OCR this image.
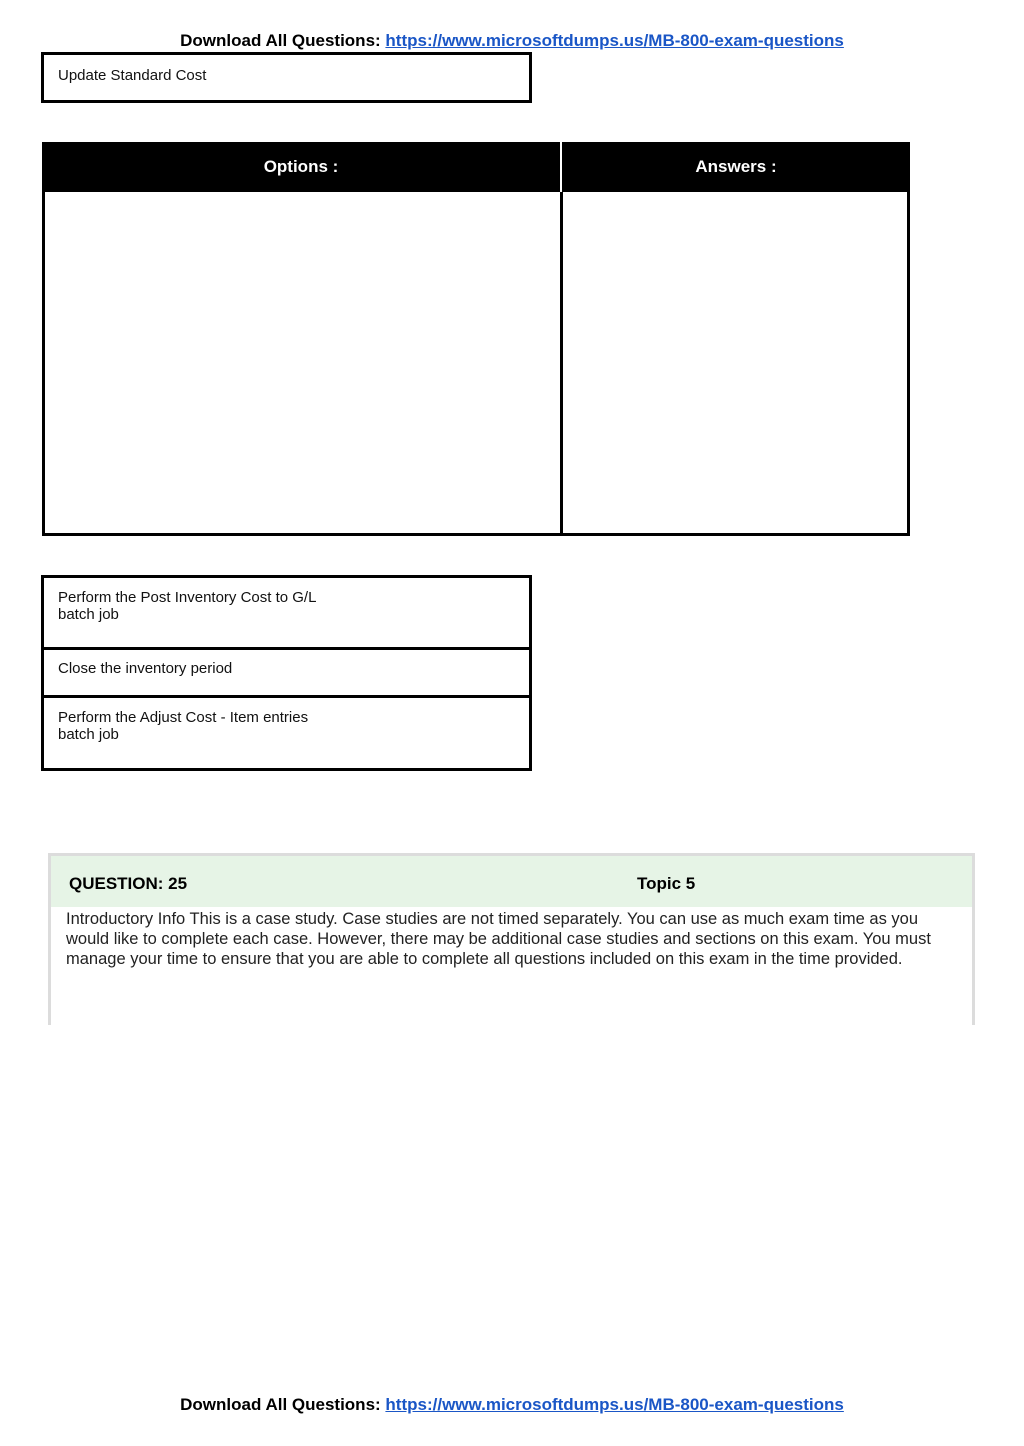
Download All Questions: https://www.microsoftdumps.us/MB-800-exam-questions
Update Standard Cost
Options :	Answers :
Perform the Post Inventory Cost to G/L batch job
Close the inventory period
Perform the Adjust Cost - Item entries batch job
QUESTION: 25	Topic 5
Introductory Info This is a case study. Case studies are not timed separately. You can use as much exam time as you would like to complete each case. However, there may be additional case studies and sections on this exam. You must manage your time to ensure that you are able to complete all questions included on this exam in the time provided.
Download All Questions: https://www.microsoftdumps.us/MB-800-exam-questions
